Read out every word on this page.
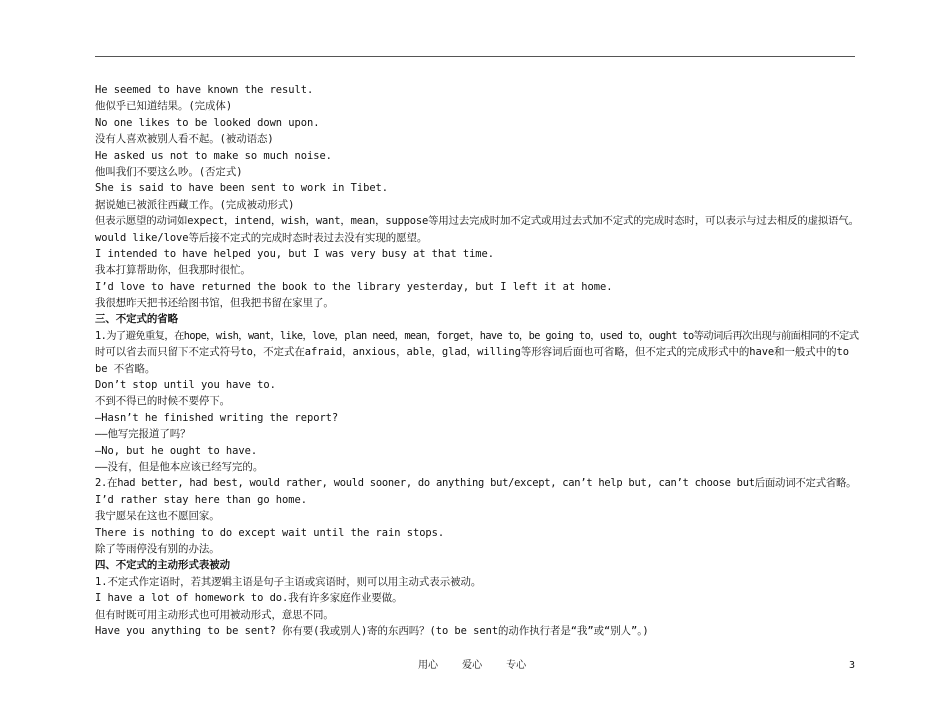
He seemed to have known the result.
他似乎已知道结果。(完成体)
No one likes to be looked down upon.
没有人喜欢被别人看不起。(被动语态)
He asked us not to make so much noise.
他叫我们不要这么吵。(否定式)
She is said to have been sent to work in Tibet.
据说她已被派往西藏工作。(完成被动形式)
但表示愿望的动词如expect，intend，wish，want，mean，suppose等用过去完成时加不定式或用过去式加不定式的完成时态时，可以表示与过去相反的虚拟语气。
would like/love等后接不定式的完成时态时表过去没有实现的愿望。
I intended to have helped you, but I was very busy at that time.
我本打算帮助你，但我那时很忙。
I’d love to have returned the book to the library yesterday, but I left it at home.
我很想昨天把书还给图书馆，但我把书留在家里了。
三、不定式的省略
1.为了避免重复，在hope，wish，want，like，love，plan need，mean，forget，have to，be going to，used to，ought to等动词后再次出现与前面相同的不定式
时可以省去而只留下不定式符号to，不定式在afraid，anxious，able，glad，willing等形容词后面也可省略，但不定式的完成形式中的have和一般式中的to
be 不省略。
Don’t stop until you have to.
不到不得已的时候不要停下。
—Hasn’t he finished writing the report?
——他写完报道了吗？
—No, but he ought to have.
——没有，但是他本应该已经写完的。
2.在had better, had best, would rather, would sooner, do anything but/except, can’t help but, can’t choose but后面动词不定式省略。
I’d rather stay here than go home.
我宁愿呆在这也不愿回家。
There is nothing to do except wait until the rain stops.
除了等雨停没有别的办法。
四、不定式的主动形式表被动
1.不定式作定语时，若其逻辑主语是句子主语或宾语时，则可以用主动式表示被动。
I have a lot of homework to do.我有许多家庭作业要做。
但有时既可用主动形式也可用被动形式，意思不同。
Have you anything to be sent? 你有要(我或别人)寄的东西吗？(to be sent的动作执行者是“我”或“别人”。)
用心    爱心    专心	3
